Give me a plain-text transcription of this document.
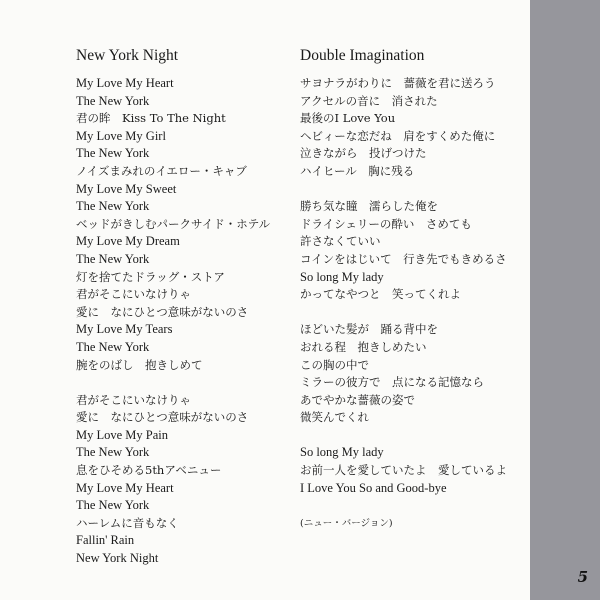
New York Night
My Love My Heart
The New York
君の眸　Kiss To The Night
My Love My Girl
The New York
ノイズまみれのイエロー・キャブ
My Love My Sweet
The New York
ベッドがきしむパークサイド・ホテル
My Love My Dream
The New York
灯を捨てたドラッグ・ストア
君がそこにいなけりゃ
愛に　なにひとつ意味がないのさ
My Love My Tears
The New York
腕をのばし　抱きしめて
君がそこにいなけりゃ
愛に　なにひとつ意味がないのさ
My Love My Pain
The New York
息をひそめる5thアベニュー
My Love My Heart
The New York
ハーレムに音もなく
Fallin' Rain
New York Night
Double Imagination
サヨナラがわりに　薔薇を君に送ろう
アクセルの音に　消された
最後のI Love You
ヘビィーな恋だね　肩をすくめた俺に
泣きながら　投げつけた
ハイヒール　胸に残る
勝ち気な瞳　濡らした俺を
ドライシェリーの酔い　さめても
許さなくていい
コインをはじいて　行き先でもきめるさ
So long My lady
かってなやつと　笑ってくれよ
ほどいた髪が　踊る背中を
おれる程　抱きしめたい
この胸の中で
ミラーの彼方で　点になる記憶なら
あでやかな薔薇の姿で
微笑んでくれ
So long My lady
お前一人を愛していたよ　愛しているよ
I Love You So and Good-bye
(ニュー・バージョン)
5
